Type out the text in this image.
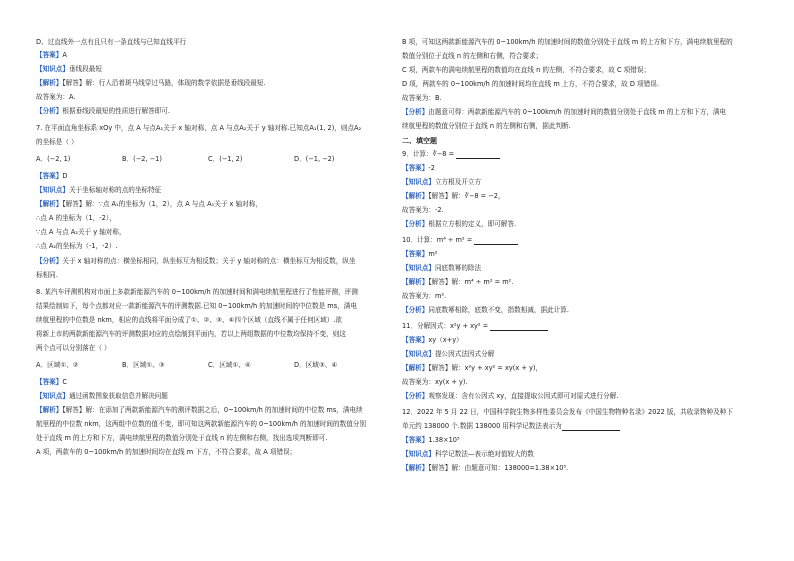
D、过直线外一点有且只有一条直线与已知直线平行
【答案】A
【知识点】垂线段最短
【解析】【解答】解：行人沿着斑马线穿过马路，体现的数学依据是垂线段最短.
故答案为：A.
【分析】根据垂线段最短的性质进行解答即可.
7. 在平面直角坐标系 xOy 中，点 A 与点A₁关于 x 轴对称，点 A 与点A₂关于 y 轴对称.已知点A₁(1, 2)，则点A₂
的坐标是（ ）
A．(−2, 1)	B．(−2, −1)	C．(−1, 2)	D．(−1, −2)
【答案】D
【知识点】关于坐标轴对称的点的坐标特征
【解析】【解答】解：∵点 A₁的坐标为（1，2），点 A 与点 A₁关于 x 轴对称，
∴点 A 的坐标为（1，-2），
∵点 A 与点 A₂关于 y 轴对称，
∴点 A₂的坐标为（-1，-2）.
【分析】关于 x 轴对称的点：横坐标相同，纵坐标互为相反数；关于 y 轴对称的点：横坐标互为相反数，纵坐
标相同.
8. 某汽车评测机构对市面上多款新能源汽车的 0~100km/h 的加速时间和满电续航里程进行了性能评测，评测
结果绘制如下，每个点都对应一款新能源汽车的评测数据.已知 0~100km/h 的加速时间的中位数是 ms，满电
续航里程的中位数是 nkm，相应的直线将平面分成了①、②、③、④四个区域（直线不属于任何区域）.欲
将新上市的两款新能源汽车的评测数据对应的点绘制到平面内，若以上两组数据的中位数均保持不变，则这
两个点可以分别落在（ ）
A．区域①、②	B．区域①、③	C．区域①、④	D．区域③、④
【答案】C
【知识点】通过函数图象获取信息并解决问题
【解析】【解答】解：在添加了两款新能源汽车的测评数据之后，0~100km/h 的加速时间的中位数 ms，满电续
航里程的中位数 nkm，这两组中位数的值不变，即可知这两款新能源汽车的 0~100km/h 的加速时间的数值分别
处于直线 m 的上方和下方，满电续航里程的数值分别处于直线 n 的左侧和右侧，找出选项判断即可.
A 项，两款车的 0~100km/h 的加速时间均在直线 m 下方，不符合要求，故 A 项错误；
B 项，可知这两款新能源汽车的 0~100km/h 的加速时间的数值分别处于直线 m 的上方和下方，满电续航里程的
数值分别位于直线 n 的左侧和右侧，符合要求；
C 项，两款车的满电续航里程的数值均在直线 n 的左侧，不符合要求，故 C 项错误；
D 项，两款车的 0~100km/h 的加速时间均在直线 m 上方，不符合要求，故 D 项错误.
故答案为：B.
【分析】由题意可得：两款新能源汽车的 0~100km/h 的加速时间的数值分别处于直线 m 的上方和下方，满电
续航里程的数值分别位于直线 n 的左侧和右侧，据此判断.
二、填空题
9．计算：∛−8 =
【答案】-2
【知识点】立方根及开立方
【解析】【解答】解：∛−8 = −2，
故答案为：-2.
【分析】根据立方根的定义，即可解答.
10．计算：m⁴ ÷ m² =
【答案】m²
【知识点】同底数幂的除法
【解析】【解答】解：m⁴ ÷ m² = m².
故答案为：m².
【分析】同底数幂相除，底数不变，指数相减，据此计算.
11．分解因式：x²y + xy² =
【答案】xy（x+y）
【知识点】提公因式法因式分解
【解析】【解答】解：x²y + xy² = xy(x + y)，
故答案为：xy(x + y).
【分析】观察发现：含有公因式 xy，直接提取公因式即可对原式进行分解.
12．2022 年 5 月 22 日，中国科学院生物多样性委员会发布《中国生物物种名录》2022 版，共收录物种及种下
单元约 138000 个.数据 138000 用科学记数法表示为
【答案】1.38×10⁵
【知识点】科学记数法—表示绝对值较大的数
【解析】【解答】解：由题意可知：138000=1.38×10⁵.
